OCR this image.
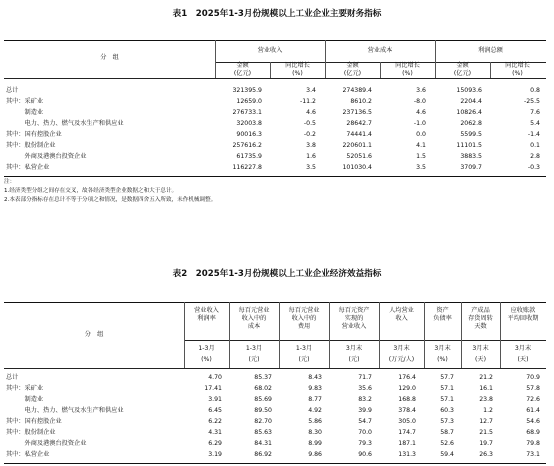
表1　2025年1-3月份规模以上工业企业主要财务指标
分　组
营业收入	营业成本	利润总额
金额
(亿元)
同比增长
(%)
金额
(亿元)
同比增长
(%)
金额
(亿元)
同比增长
(%)
总计	321395.9	3.4	274389.4	3.6	15093.6	0.8
其中：采矿业	12659.0	-11.2	8610.2	-8.0	2204.4	-25.5
　　　制造业	276733.1	4.6	237136.5	4.6	10826.4	7.6
　　　电力、热力、燃气及水生产和供应业	32003.8	-0.5	28642.7	-1.0	2062.8	5.4
其中：国有控股企业	90016.3	-0.2	74441.4	0.0	5599.5	-1.4
其中：股份制企业	257616.2	3.8	220601.1	4.1	11101.5	0.1
　　　外商及港澳台投资企业	61735.9	1.6	52051.6	1.5	3883.5	2.8
其中：私营企业	116227.8	3.5	101030.4	3.5	3709.7	-0.3
注：
1.经济类型分组之间存在交叉，故各经济类型企业数据之和大于总计。
2.本表部分指标存在总计不等于分项之和情况，是数据四舍五入所致，未作机械调整。
表2　2025年1-3月份规模以上工业企业经济效益指标
分　组
营业收入
利润率
1-3月
(%)
每百元营业
收入中的
成本
1-3月
(元)
每百元营业
收入中的
费用
1-3月
(元)
每百元资产
实现的
营业收入
3月末
(元)
人均营业
收入
3月末
(万元/人)
资产
负债率
3月末
(%)
产成品
存货周转
天数
3月末
(天)
应收账款
平均回收期
3月末
(天)
总计	4.70	85.37	8.43	71.7	176.4	57.7	21.2	70.9
其中：采矿业	17.41	68.02	9.83	35.6	129.0	57.1	16.1	57.8
　　　制造业	3.91	85.69	8.77	83.2	168.8	57.1	23.8	72.6
　　　电力、热力、燃气及水生产和供应业	6.45	89.50	4.92	39.9	378.4	60.3	1.2	61.4
其中：国有控股企业	6.22	82.70	5.86	54.7	305.0	57.3	12.7	54.6
其中：股份制企业	4.31	85.63	8.30	70.0	174.7	58.7	21.5	68.9
　　　外商及港澳台投资企业	6.29	84.31	8.99	79.3	187.1	52.6	19.7	79.8
其中：私营企业	3.19	86.92	9.86	90.6	131.3	59.4	26.3	73.1
